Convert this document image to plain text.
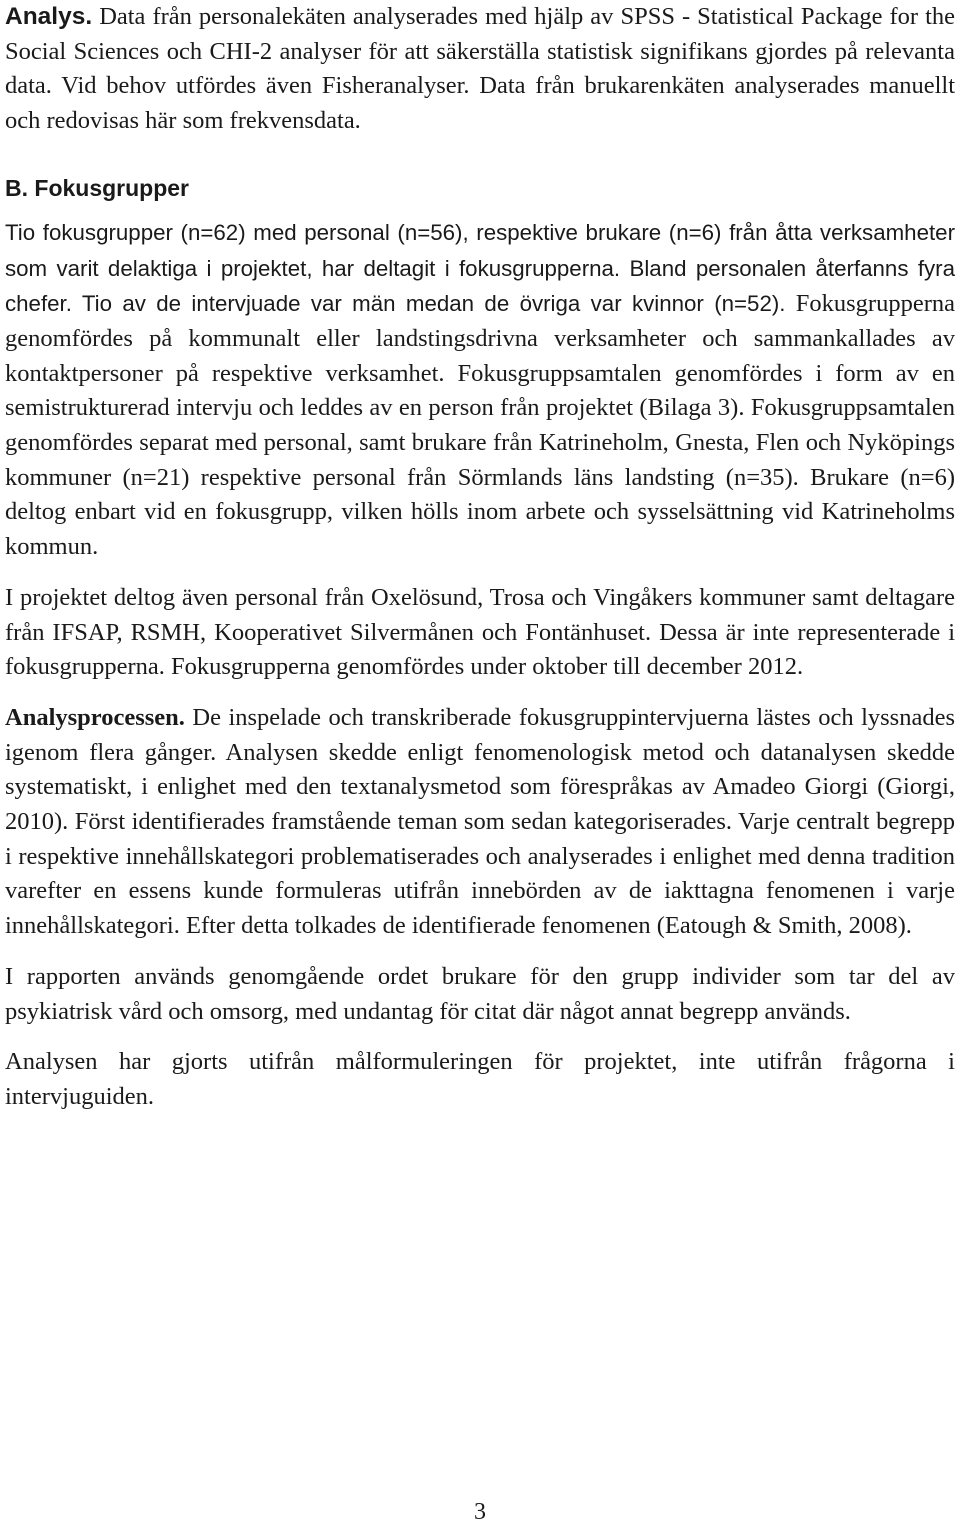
Analys. Data från personalekäten analyserades med hjälp av SPSS - Statistical Package for the Social Sciences och CHI-2 analyser för att säkerställa statistisk signifikans gjordes på relevanta data. Vid behov utfördes även Fisheranalyser. Data från brukarenkäten analyserades manuellt och redovisas här som frekvensdata.

B. Fokusgrupper

Tio fokusgrupper (n=62) med personal (n=56), respektive brukare (n=6) från åtta verksamheter som varit delaktiga i projektet, har deltagit i fokusgrupperna. Bland personalen återfanns fyra chefer. Tio av de intervjuade var män medan de övriga var kvinnor (n=52). Fokusgrupperna genomfördes på kommunalt eller landstingsdrivna verksamheter och sammankallades av kontaktpersoner på respektive verksamhet. Fokusgruppsamtalen genomfördes i form av en semistrukturerad intervju och leddes av en person från projektet (Bilaga 3). Fokusgruppsamtalen genomfördes separat med personal, samt brukare från Katrineholm, Gnesta, Flen och Nyköpings kommuner (n=21) respektive personal från Sörmlands läns landsting (n=35). Brukare (n=6) deltog enbart vid en fokusgrupp, vilken hölls inom arbete och sysselsättning vid Katrineholms kommun.

I projektet deltog även personal från Oxelösund, Trosa och Vingåkers kommuner samt deltagare från IFSAP, RSMH, Kooperativet Silvermånen och Fontänhuset. Dessa är inte representerade i fokusgrupperna. Fokusgrupperna genomfördes under oktober till december 2012.

Analysprocessen. De inspelade och transkriberade fokusgruppintervjuerna lästes och lyssnades igenom flera gånger. Analysen skedde enligt fenomenologisk metod och datanalysen skedde systematiskt, i enlighet med den textanalysmetod som förespråkas av Amadeo Giorgi (Giorgi, 2010). Först identifierades framstående teman som sedan kategoriserades. Varje centralt begrepp i respektive innehållskategori problematiserades och analyserades i enlighet med denna tradition varefter en essens kunde formuleras utifrån innebörden av de iakttagna fenomenen i varje innehållskategori. Efter detta tolkades de identifierade fenomenen (Eatough & Smith, 2008).

I rapporten används genomgående ordet brukare för den grupp individer som tar del av psykiatrisk vård och omsorg, med undantag för citat där något annat begrepp används.

Analysen har gjorts utifrån målformuleringen för projektet, inte utifrån frågorna i intervjuguiden.

3
